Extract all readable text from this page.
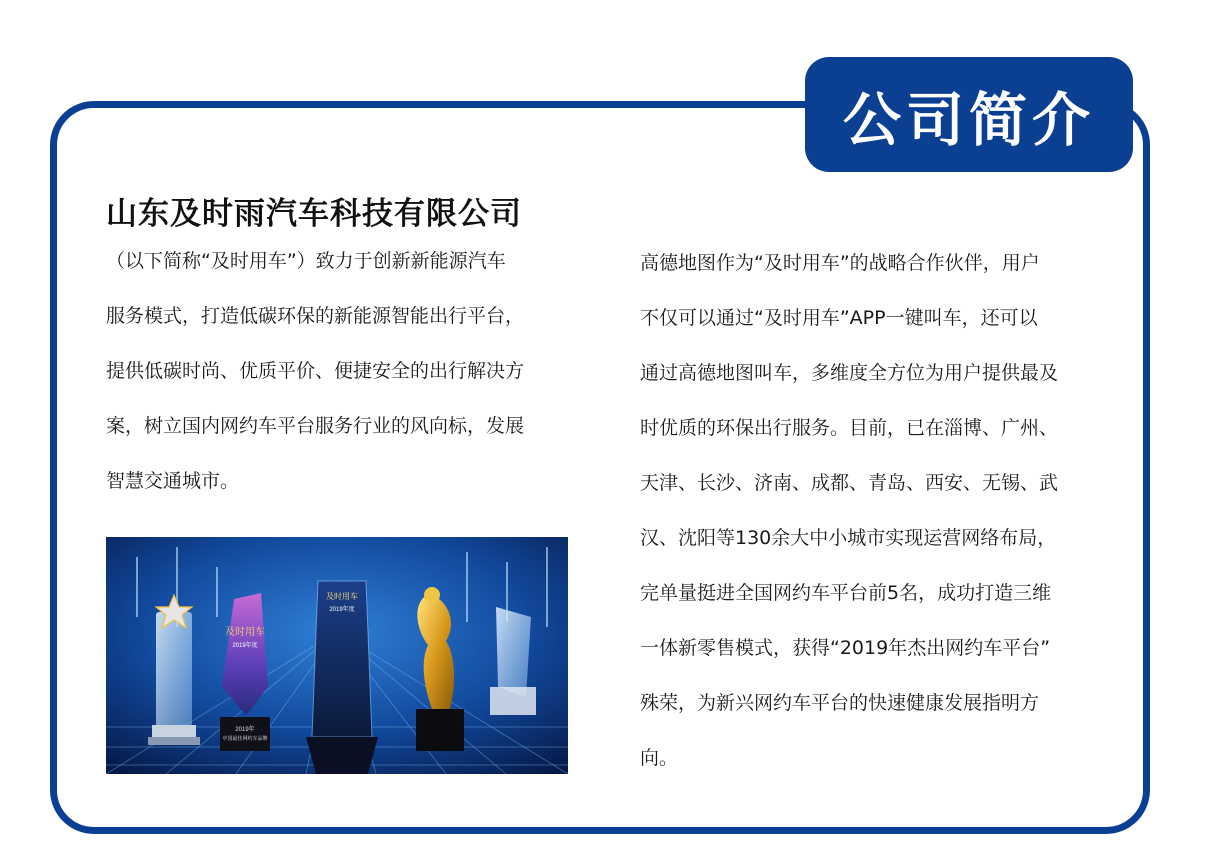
公司简介
山东及时雨汽车科技有限公司
（以下简称“及时用车”）致力于创新新能源汽车
服务模式，打造低碳环保的新能源智能出行平台，
提供低碳时尚、优质平价、便捷安全的出行解决方
案，树立国内网约车平台服务行业的风向标，发展
智慧交通城市。
及时用车
2019年度
2019年
中国最佳网约车品牌
及时用车
2019年度
高德地图作为“及时用车”的战略合作伙伴，用户
不仅可以通过“及时用车”APP一键叫车，还可以
通过高德地图叫车，多维度全方位为用户提供最及
时优质的环保出行服务。目前，已在淄博、广州、
天津、长沙、济南、成都、青岛、西安、无锡、武
汉、沈阳等130余大中小城市实现运营网络布局，
完单量挺进全国网约车平台前5名，成功打造三维
一体新零售模式，获得“2019年杰出网约车平台”
殊荣，为新兴网约车平台的快速健康发展指明方
向。
